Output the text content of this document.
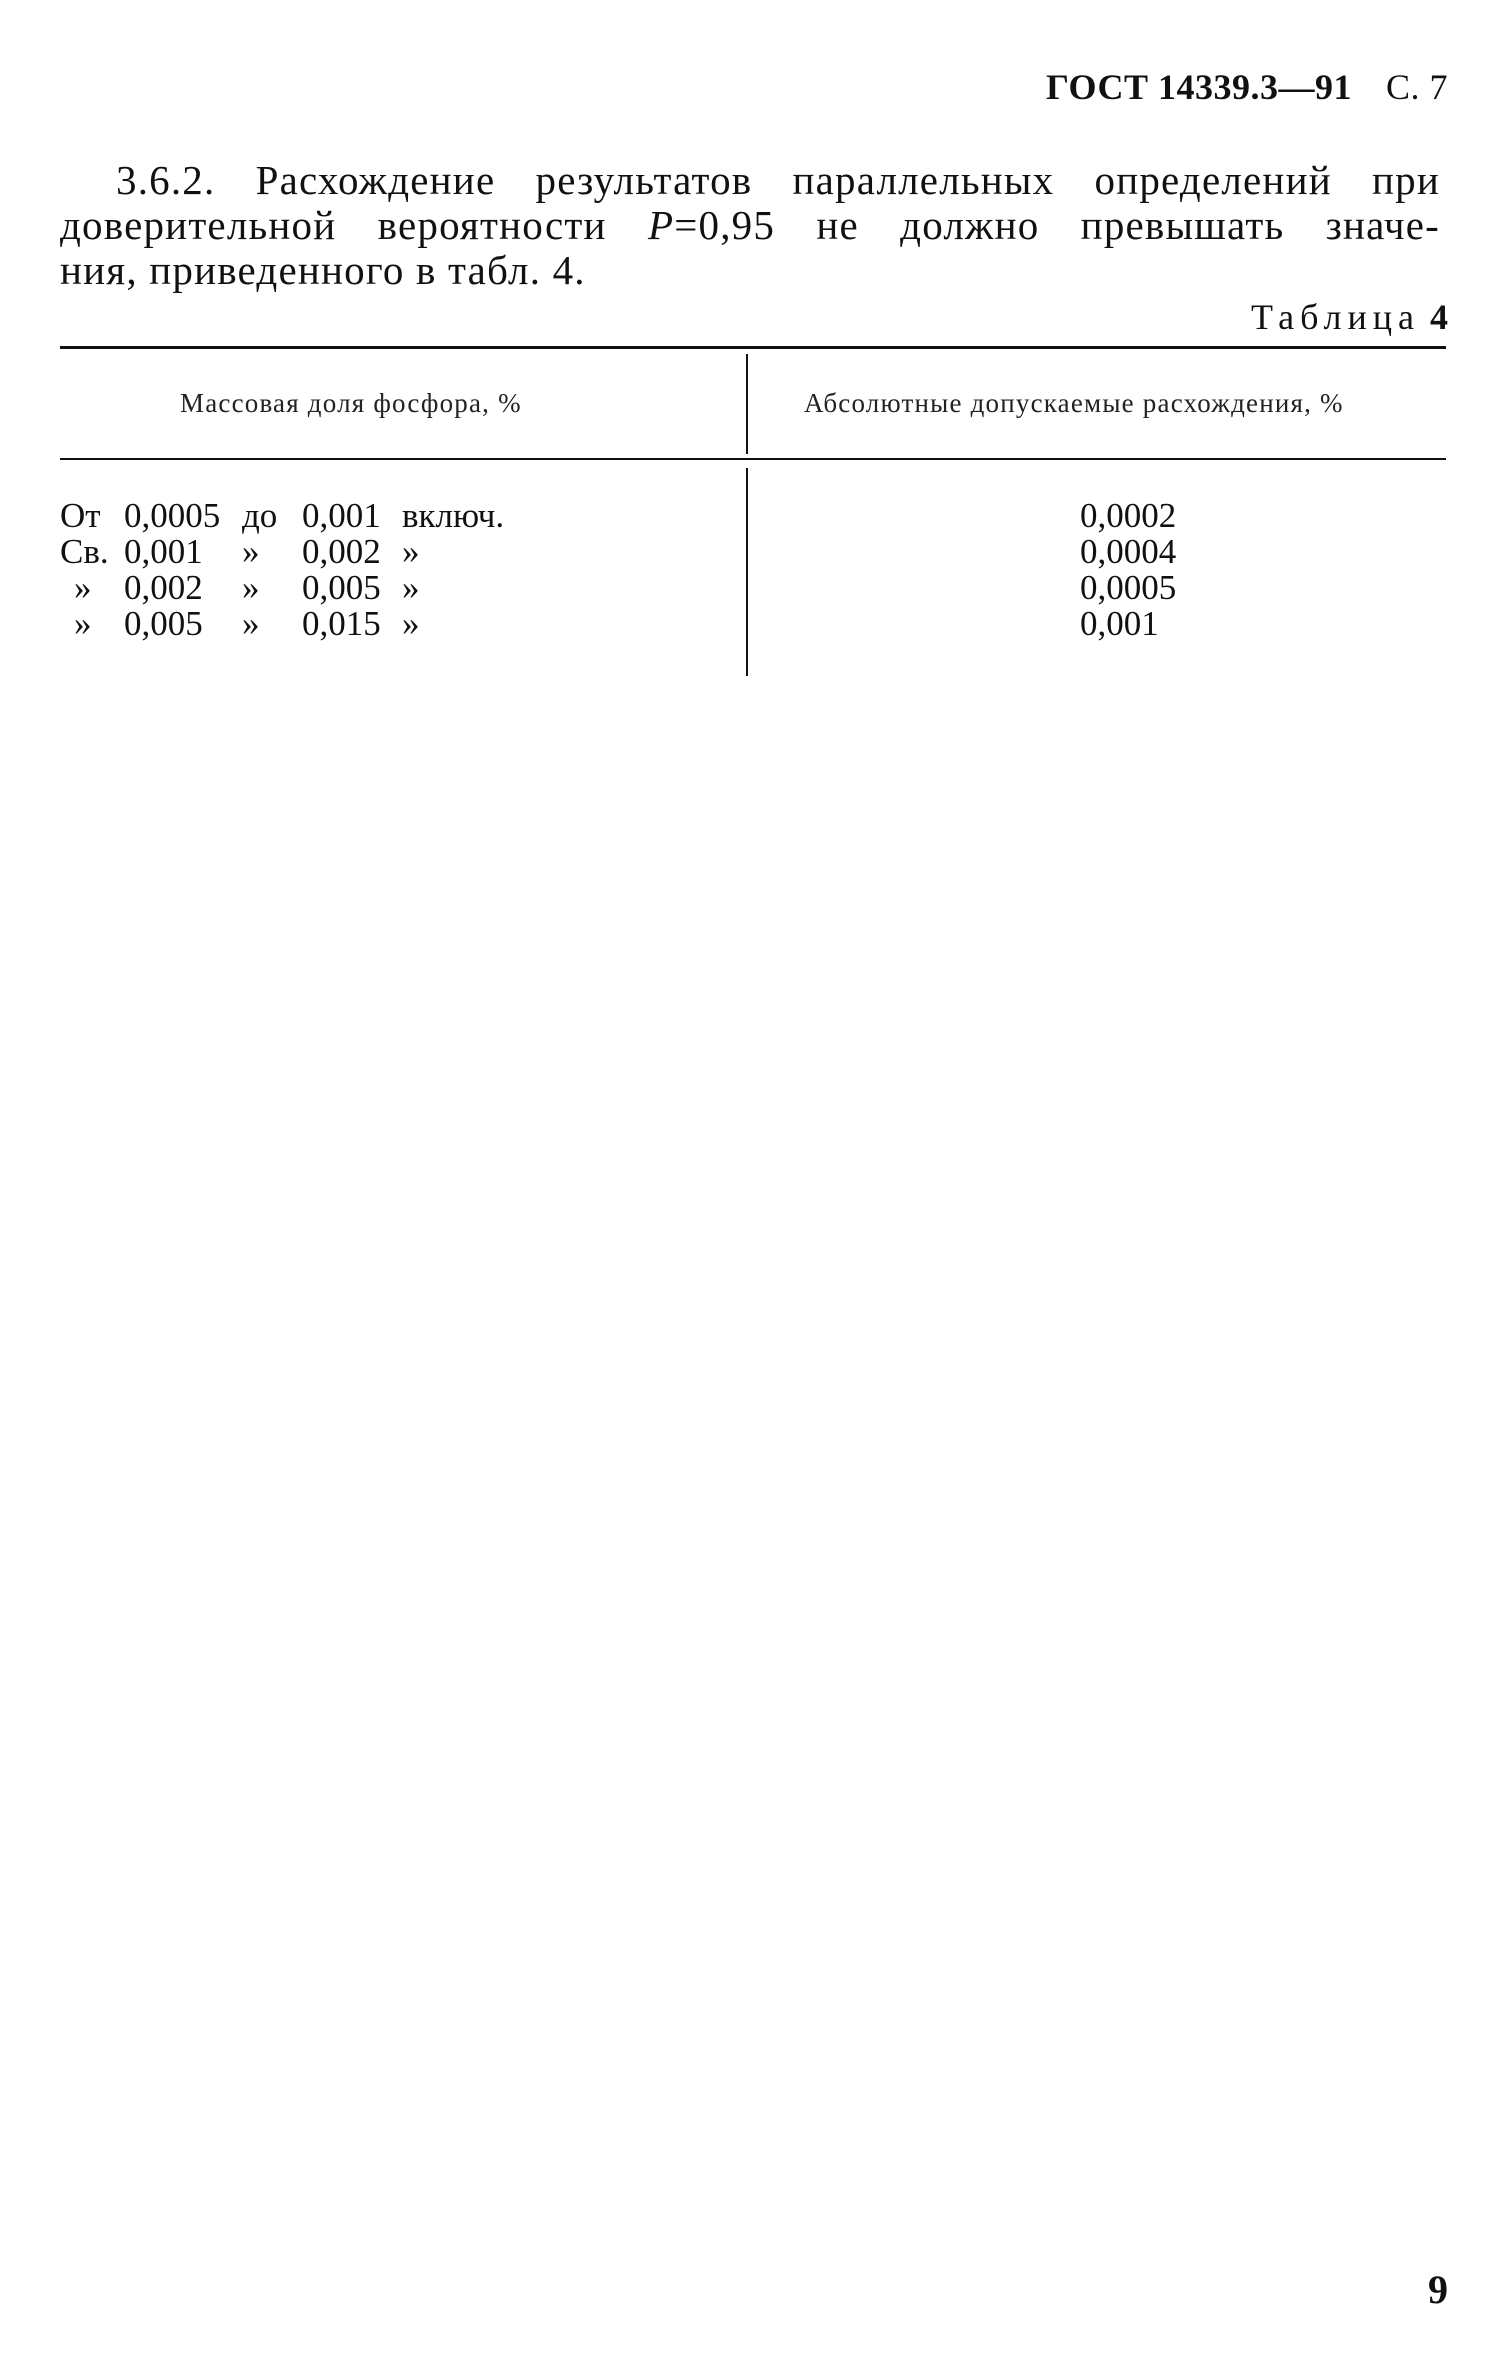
ГОСТ 14339.3—91 С. 7
3.6.2. Расхождение результатов параллельных определений при
доверительной вероятности P=0,95 не должно превышать значе-
ния, приведенного в табл. 4.
Таблица 4
Массовая доля фосфора, %	Абсолютные допускаемые расхождения, %
От 0,0005 до 0,001 включ.
Св. 0,001 » 0,002 »
» 0,002 » 0,005 »
» 0,005 » 0,015 »
0,0002
0,0004
0,0005
0,001
9
